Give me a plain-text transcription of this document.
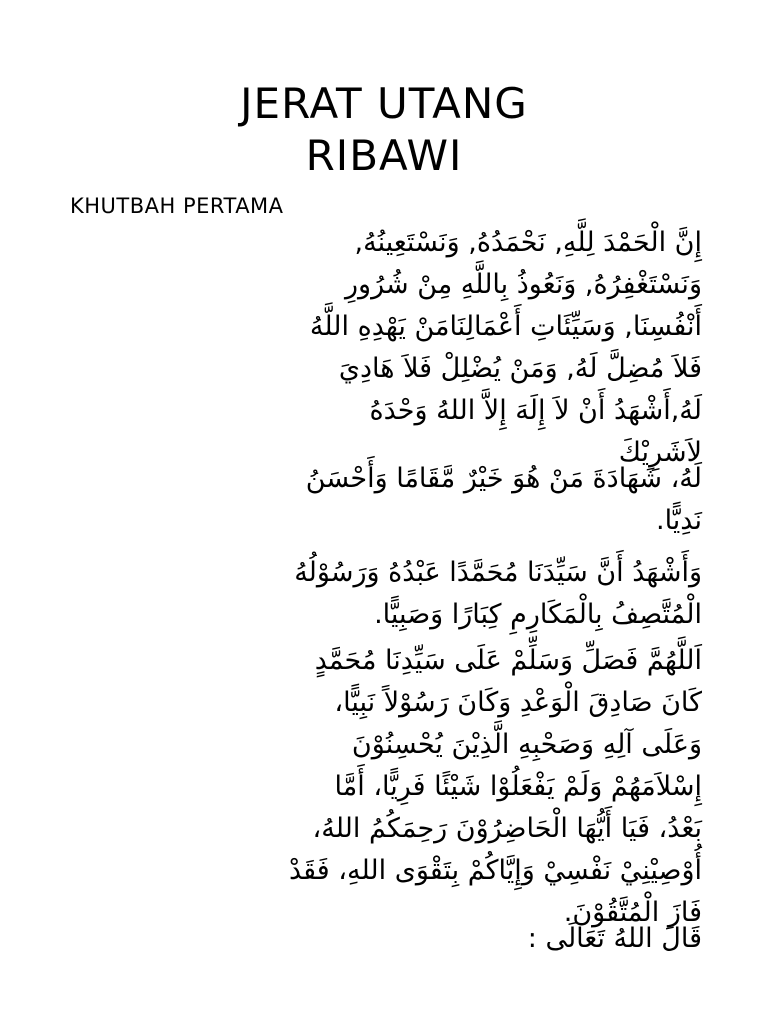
JERAT UTANG
RIBAWI
KHUTBAH PERTAMA

إِنَّ الْحَمْدَ لِلَّهِ, نَحْمَدُهُ, وَنَسْتَعِينُهُ,
وَنَسْتَغْفِرُهُ, وَنَعُوذُ بِاللَّهِ مِنْ شُرُورِ
أَنْفُسِنَا, وَسَيِّئَاتِ أَعْمَالِنَامَنْ يَهْدِهِ اللَّهُ
فَلاَ مُضِلَّ لَهُ, وَمَنْ يُضْلِلْ فَلاَ هَادِيَ
لَهُ,أَشْهَدُ أَنْ لاَ إِلَهَ إِلاَّ اللهُ وَحْدَهُ
لاَشَرِيْكَ

لَهُ، شَهَادَةَ مَنْ هُوَ خَيْرٌ مَّقَامًا وَأَحْسَنُ
نَدِيًّا.

وَأَشْهَدُ أَنَّ سَيِّدَنَا مُحَمَّدًا عَبْدُهُ وَرَسُوْلُهُ
الْمُتَّصِفُ بِالْمَكَارِمِ كِبَارًا وَصَبِيًّا.

اَللَّهُمَّ فَصَلِّ وَسَلِّمْ عَلَى سَيِّدِنَا مُحَمَّدٍ
كَانَ صَادِقَ الْوَعْدِ وَكَانَ رَسُوْلاً نَبِيًّا،
وَعَلَى آلِهِ وَصَحْبِهِ الَّذِيْنَ يُحْسِنُوْنَ
إِسْلاَمَهُمْ وَلَمْ يَفْعَلُوْا شَيْئًا فَرِيًّا، أَمَّا
بَعْدُ، فَيَا أَيُّهَا الْحَاضِرُوْنَ رَحِمَكُمُ اللهُ،
أُوْصِيْنِيْ نَفْسِيْ وَإِيَّاكُمْ بِتَقْوَى اللهِ، فَقَدْ
فَازَ الْمُتَّقُوْنَ.

قَالَ اللهُ تَعَالَى :
